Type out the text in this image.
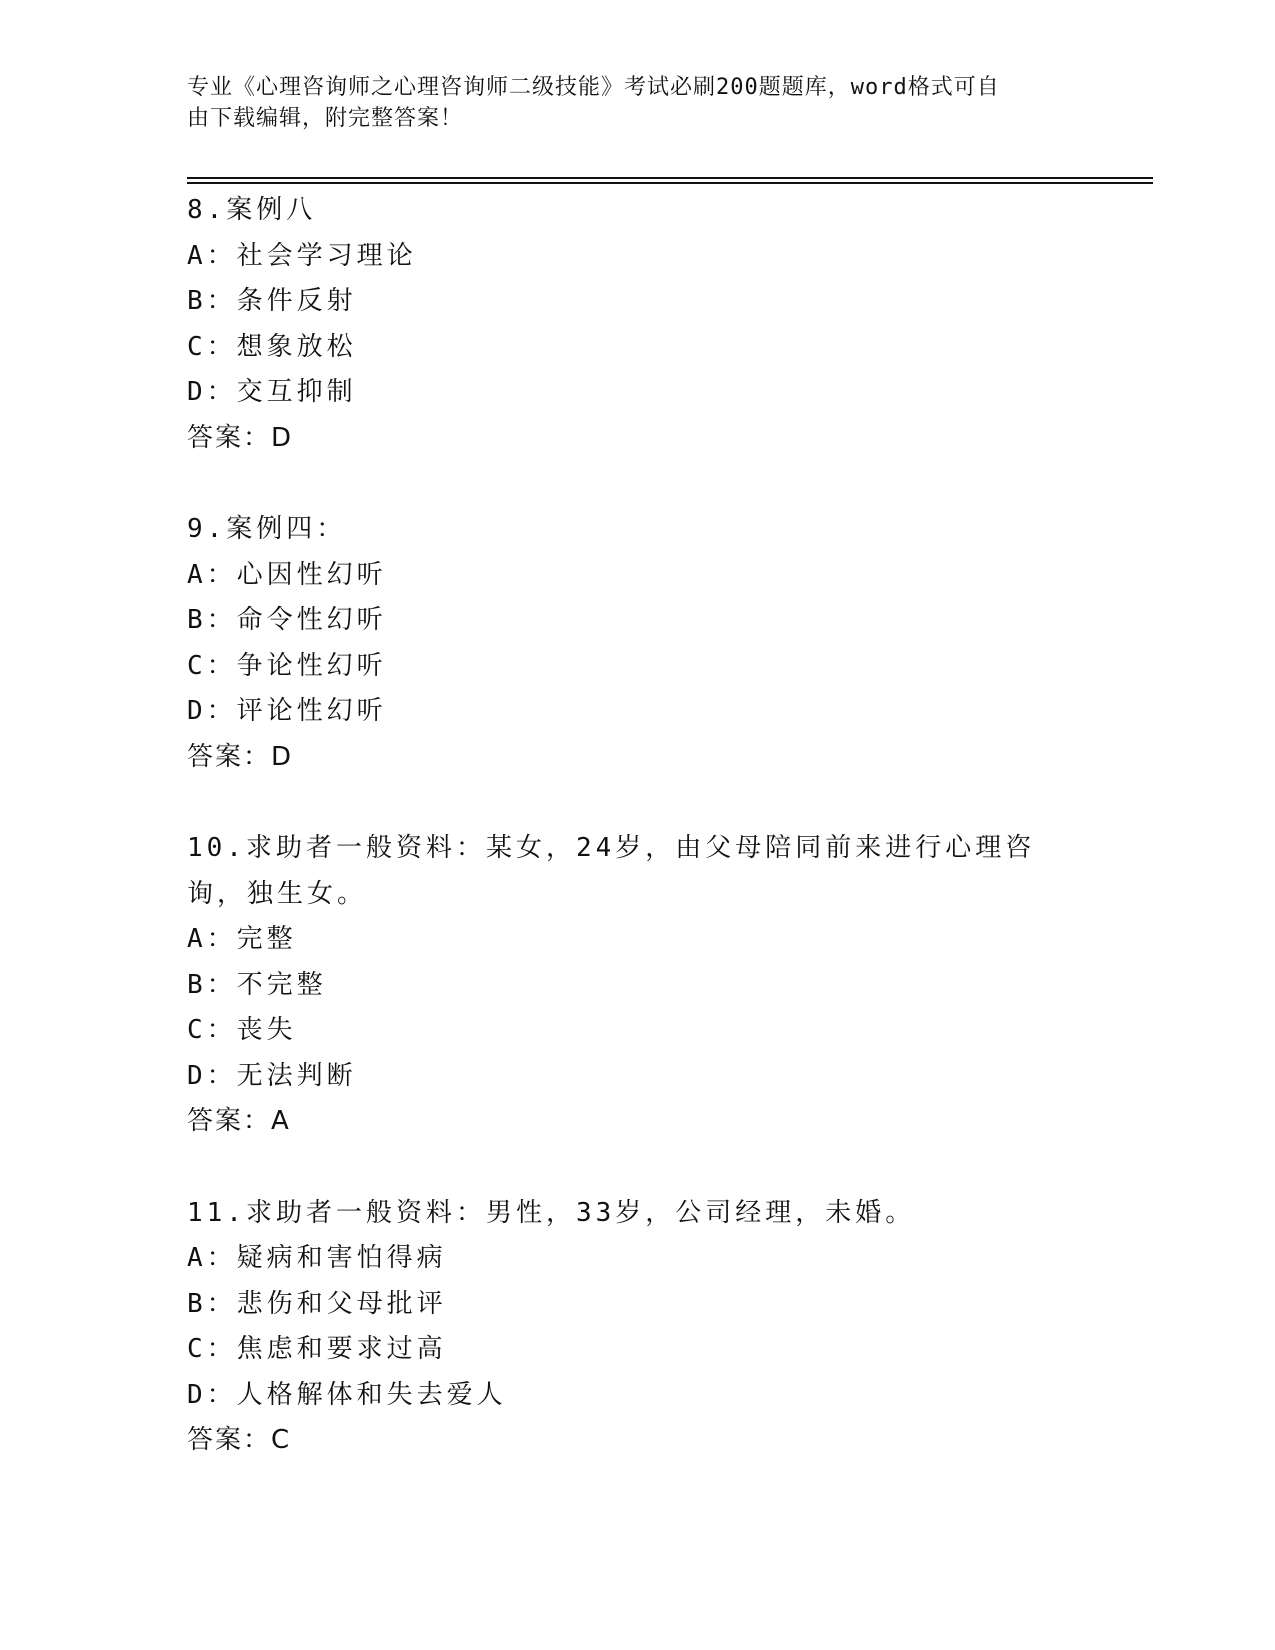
专业《心理咨询师之心理咨询师二级技能》考试必刷200题题库，word格式可自
由下载编辑，附完整答案！
8.案例八
A：社会学习理论
B：条件反射
C：想象放松
D：交互抑制
答案：D
9.案例四：
A：心因性幻听
B：命令性幻听
C：争论性幻听
D：评论性幻听
答案：D
10.求助者一般资料：某女，24岁，由父母陪同前来进行心理咨询，独生女。
A：完整
B：不完整
C：丧失
D：无法判断
答案：A
11.求助者一般资料：男性，33岁，公司经理，未婚。
A：疑病和害怕得病
B：悲伤和父母批评
C：焦虑和要求过高
D：人格解体和失去爱人
答案：C
